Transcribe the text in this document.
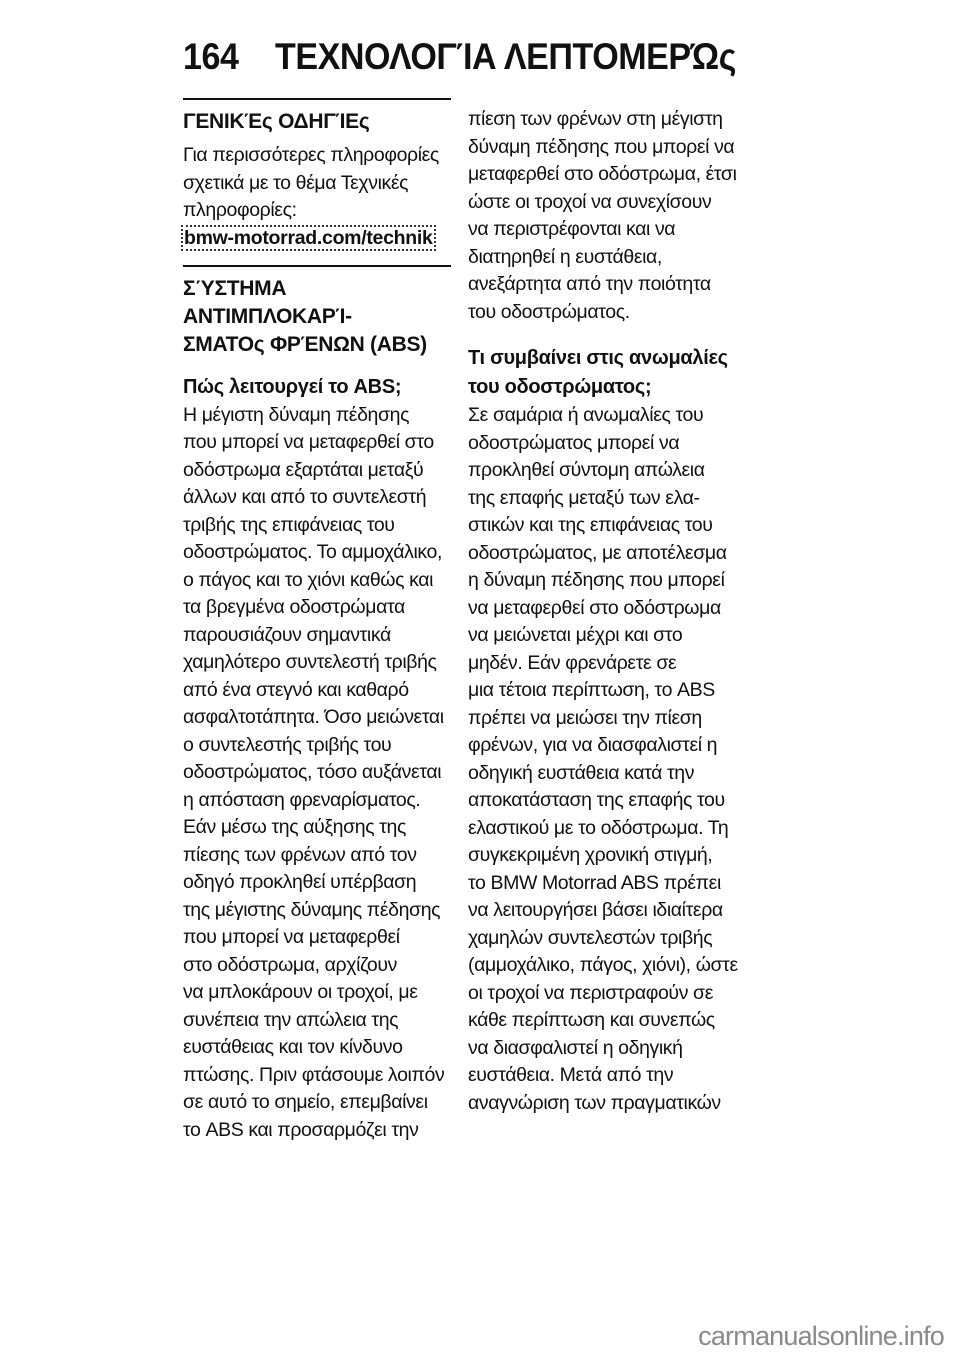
164 ΤΕΧΝΟΛΟΓΊΑ ΛΕΠΤΟΜΕΡΏς
ΓΕΝΙΚΈς ΟΔΗΓΊΕς
Για περισσότερες πληροφορίες
σχετικά με το θέμα Τεχνικές
πληροφορίες:
bmw-motorrad.com/technik
ΣΎΣΤΗΜΑ ΑΝΤΙΜΠΛΟΚΑΡΊ-
ΣΜΑΤΟς ΦΡΈΝΩΝ (ABS)
Πώς λειτουργεί το ABS;
Η μέγιστη δύναμη πέδησης
που μπορεί να μεταφερθεί στο
οδόστρωμα εξαρτάται μεταξύ
άλλων και από το συντελεστή
τριβής της επιφάνειας του
οδοστρώματος. Το αμμοχάλικο,
ο πάγος και το χιόνι καθώς και
τα βρεγμένα οδοστρώματα
παρουσιάζουν σημαντικά
χαμηλότερο συντελεστή τριβής
από ένα στεγνό και καθαρό
ασφαλτοτάπητα. Όσο μειώνεται
ο συντελεστής τριβής του
οδοστρώματος, τόσο αυξάνεται
η απόσταση φρεναρίσματος.
Εάν μέσω της αύξησης της
πίεσης των φρένων από τον
οδηγό προκληθεί υπέρβαση
της μέγιστης δύναμης πέδησης
που μπορεί να μεταφερθεί
στο οδόστρωμα, αρχίζουν
να μπλοκάρουν οι τροχοί, με
συνέπεια την απώλεια της
ευστάθειας και τον κίνδυνο
πτώσης. Πριν φτάσουμε λοιπόν
σε αυτό το σημείο, επεμβαίνει
το ABS και προσαρμόζει την
πίεση των φρένων στη μέγιστη
δύναμη πέδησης που μπορεί να
μεταφερθεί στο οδόστρωμα, έτσι
ώστε οι τροχοί να συνεχίσουν
να περιστρέφονται και να
διατηρηθεί η ευστάθεια,
ανεξάρτητα από την ποιότητα
του οδοστρώματος.
Τι συμβαίνει στις ανωμαλίες
του οδοστρώματος;
Σε σαμάρια ή ανωμαλίες του
οδοστρώματος μπορεί να
προκληθεί σύντομη απώλεια
της επαφής μεταξύ των ελα-
στικών και της επιφάνειας του
οδοστρώματος, με αποτέλεσμα
η δύναμη πέδησης που μπορεί
να μεταφερθεί στο οδόστρωμα
να μειώνεται μέχρι και στο
μηδέν. Εάν φρενάρετε σε
μια τέτοια περίπτωση, το ABS
πρέπει να μειώσει την πίεση
φρένων, για να διασφαλιστεί η
οδηγική ευστάθεια κατά την
αποκατάσταση της επαφής του
ελαστικού με το οδόστρωμα. Τη
συγκεκριμένη χρονική στιγμή,
το BMW Motorrad ABS πρέπει
να λειτουργήσει βάσει ιδιαίτερα
χαμηλών συντελεστών τριβής
(αμμοχάλικο, πάγος, χιόνι), ώστε
οι τροχοί να περιστραφούν σε
κάθε περίπτωση και συνεπώς
να διασφαλιστεί η οδηγική
ευστάθεια. Μετά από την
αναγνώριση των πραγματικών
carmanualsonline.info
